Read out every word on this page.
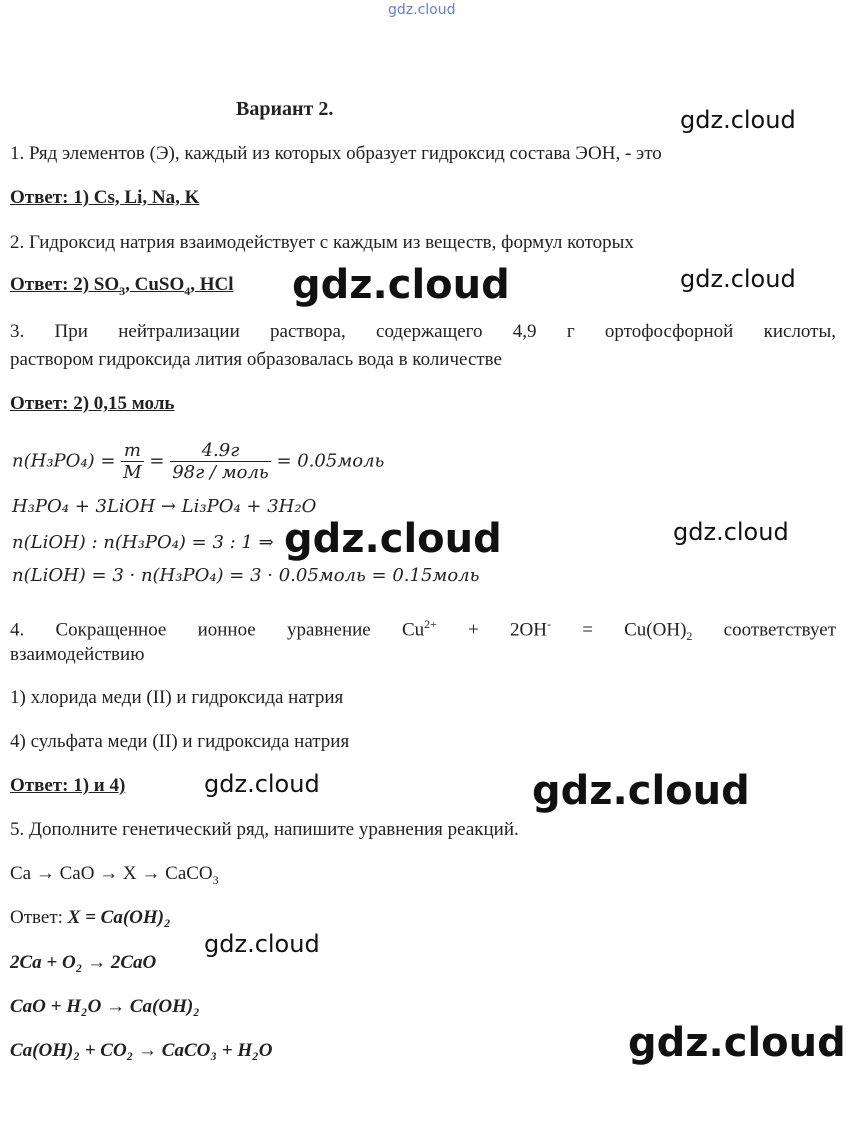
gdz.cloud
Вариант 2.	gdz.cloud
gdz.cloud
gdz.cloud
gdz.cloud	gdz.cloud
gdz.cloud	gdz.cloud
gdz.cloud
gdz.cloud
1. Ряд элементов (Э), каждый из которых образует гидроксид состава ЭОН, - это
Ответ: 1) Cs, Li, Na, K
2. Гидроксид натрия взаимодействует с каждым из веществ, формул которых
Ответ: 2) $SO_3$, CuSO$_4$, HCl
3. При нейтрализации раствора, содержащего 4,9 г ортофосфорной кислоты,
раствором гидроксида лития образовалась вода в количестве
Ответ: 2) 0,15 моль
$n(H_3PO_4) = \frac{m}{M} = \frac{4.9г}{\text{98г / моль}}$ = 0.05моль
H₃PO₄ + 3LiOH → Li₃PO₄ + 3H₂O
n(LiOH) : n(H₃PO₄) = 3 : 1 ⇒
n(LiOH) = 3 · n(H₃PO₄) = 3 · 0.05моль = 0.15моль
4. Сокращенное ионное уравнение $Cu^{2+} + 2OH^- = Cu(OH)_2$ соответствует
взаимодействию
1) хлорида меди (II) и гидроксида натрия
4) сульфата меди (II) и гидроксида натрия
Ответ: 1) и 4)
5. Дополните генетический ряд, напишите уравнения реакций.
Ca → CaO → X → CaCO$_3$
Ответ: X = Ca(OH)₂
2Ca + O₂ → 2CaO
CaO + H₂O → Ca(OH)₂
Ca(OH)₂ + CO₂ → CaCO₃ + H₂O
